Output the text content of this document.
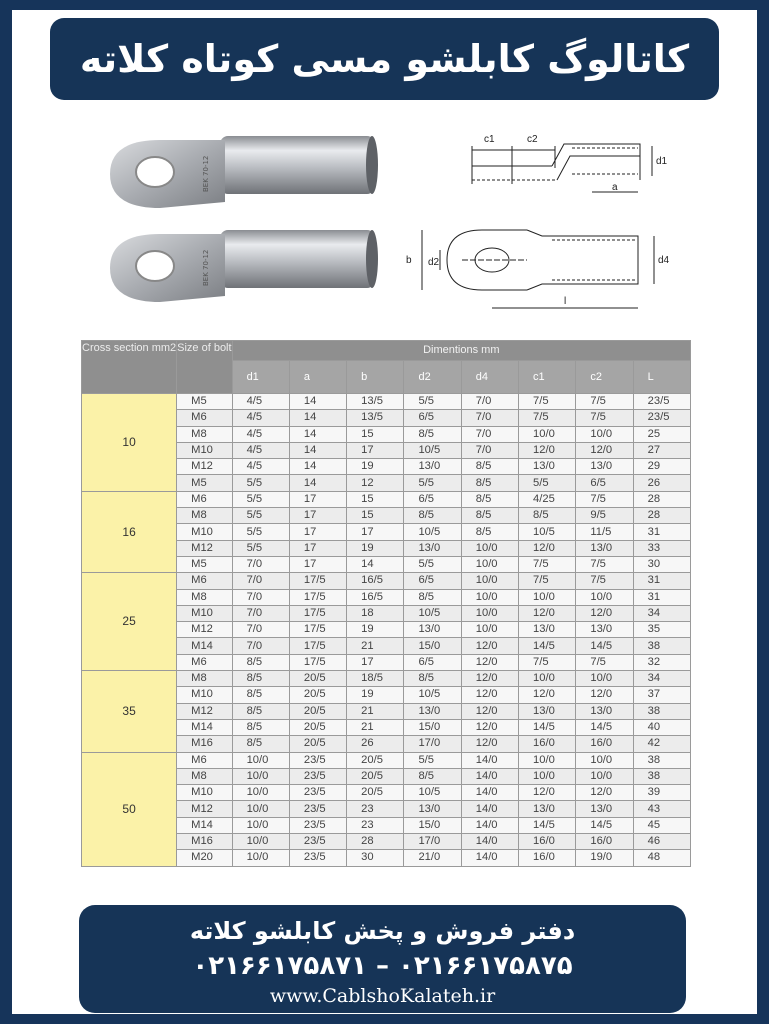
کاتالوگ کابلشو مسی کوتاه کلاته
BEK 70-12
BEK 70-12
c1	c2
d1
a
b d2	d4
l
Cross section mm2	Size of bolt	Dimentions mm							
		d1	a	b	d2	d4	c1	c2	L
10	M5	4/5	14	13/5	5/5	7/0	7/5	7/5	23/5
	M6	4/5	14	13/5	6/5	7/0	7/5	7/5	23/5
	M8	4/5	14	15	8/5	7/0	10/0	10/0	25
	M10	4/5	14	17	10/5	7/0	12/0	12/0	27
	M12	4/5	14	19	13/0	8/5	13/0	13/0	29
	M5	5/5	14	12	5/5	8/5	5/5	6/5	26
16	M6	5/5	17	15	6/5	8/5	4/25	7/5	28
	M8	5/5	17	15	8/5	8/5	8/5	9/5	28
	M10	5/5	17	17	10/5	8/5	10/5	11/5	31
	M12	5/5	17	19	13/0	10/0	12/0	13/0	33
	M5	7/0	17	14	5/5	10/0	7/5	7/5	30
25	M6	7/0	17/5	16/5	6/5	10/0	7/5	7/5	31
	M8	7/0	17/5	16/5	8/5	10/0	10/0	10/0	31
	M10	7/0	17/5	18	10/5	10/0	12/0	12/0	34
	M12	7/0	17/5	19	13/0	10/0	13/0	13/0	35
	M14	7/0	17/5	21	15/0	12/0	14/5	14/5	38
	M6	8/5	17/5	17	6/5	12/0	7/5	7/5	32
35	M8	8/5	20/5	18/5	8/5	12/0	10/0	10/0	34
	M10	8/5	20/5	19	10/5	12/0	12/0	12/0	37
	M12	8/5	20/5	21	13/0	12/0	13/0	13/0	38
	M14	8/5	20/5	21	15/0	12/0	14/5	14/5	40
	M16	8/5	20/5	26	17/0	12/0	16/0	16/0	42
50	M6	10/0	23/5	20/5	5/5	14/0	10/0	10/0	38
	M8	10/0	23/5	20/5	8/5	14/0	10/0	10/0	38
	M10	10/0	23/5	20/5	10/5	14/0	12/0	12/0	39
	M12	10/0	23/5	23	13/0	14/0	13/0	13/0	43
	M14	10/0	23/5	23	15/0	14/0	14/5	14/5	45
	M16	10/0	23/5	28	17/0	14/0	16/0	16/0	46
	M20	10/0	23/5	30	21/0	14/0	16/0	19/0	48
دفتر فروش و پخش کابلشو کلاته
۰۲۱۶۶۱۷۵۸۷۵ – ۰۲۱۶۶۱۷۵۸۷۱
www.CablshoKalateh.ir
